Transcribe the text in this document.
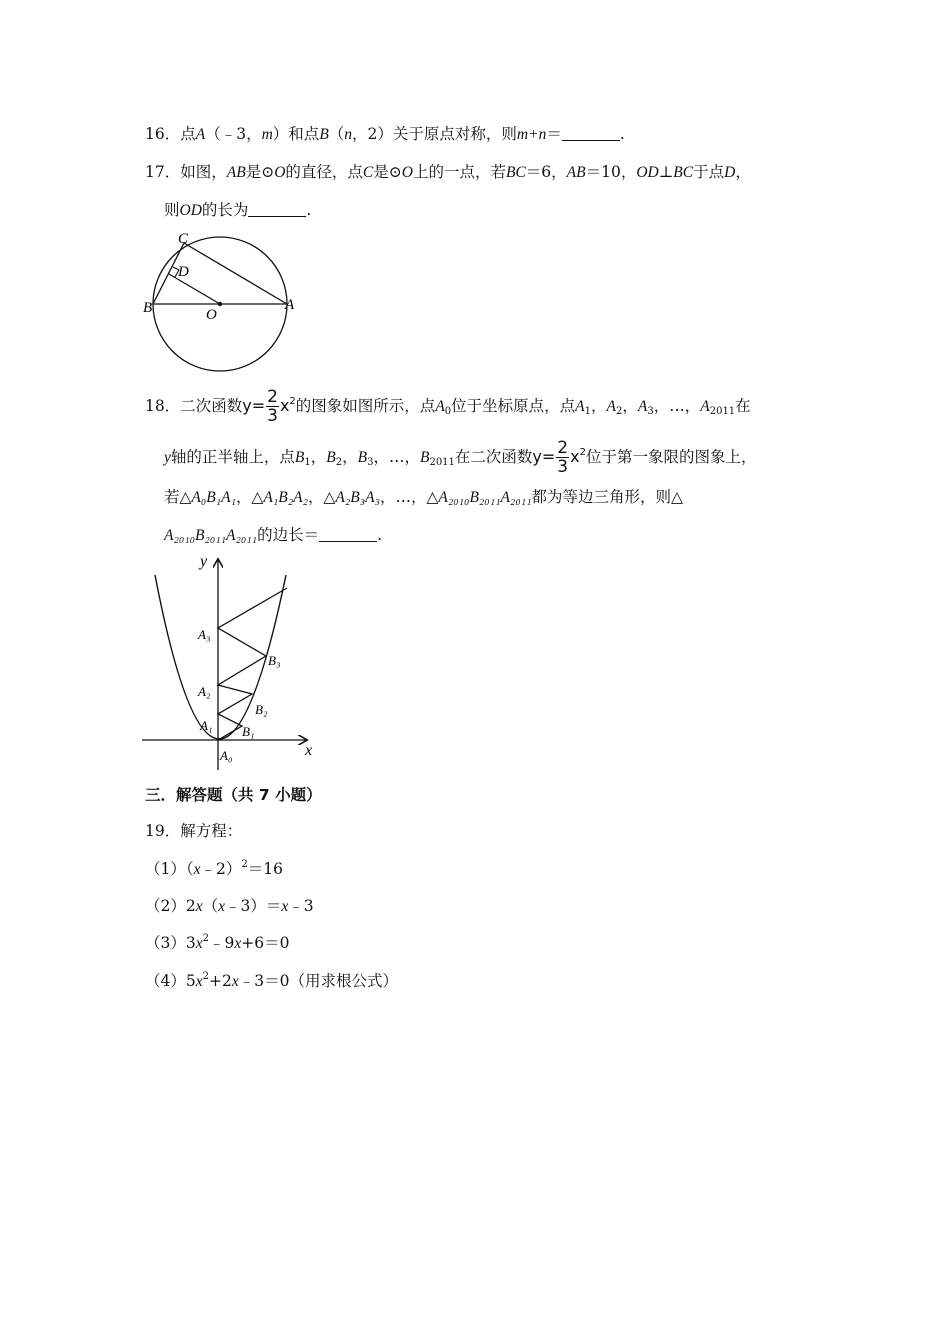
16．点A（﹣3，m）和点B（n，2）关于原点对称，则m+n＝	.
17．如图，AB是⊙O的直径，点C是⊙O上的一点，若BC＝6，AB＝10，OD⊥BC于点D，
则OD的长为	.
C
D
B	O
A
18．二次函数$y= \frac{2}{3} x^2$的图象如图所示，点$A_0$位于坐标原点，点$A_1$，$A_2$，$A_3$，…，$A_{2011}$在
y轴的正半轴上，点$B_1$，$B_2$，$B_3$，…，$B_{2011}$在二次函数$y= \frac{2}{3} x^2$位于第一象限的图象上，
若△A₀B₁A₁，△A₁B₂A₂，△A₂B₃A₃，…，△A₂₀₁₀B₂₀₁₁A₂₀₁₁都为等边三角形，则△
A₂₀₁₀B₂₀₁₁A₂₀₁₁的边长＝	.
y
x
A₃
B₃
A₂
B₂
A₁ B₁
A₀
三．解答题（共 7 小题）
19．解方程：
（1）（x﹣2）$^2$＝16
（2）2x（x﹣3）＝x﹣3
$(3)3x^2﹣9x+6=0$
$(4)5x^2+2x﹣3=0$（用求根公式）
